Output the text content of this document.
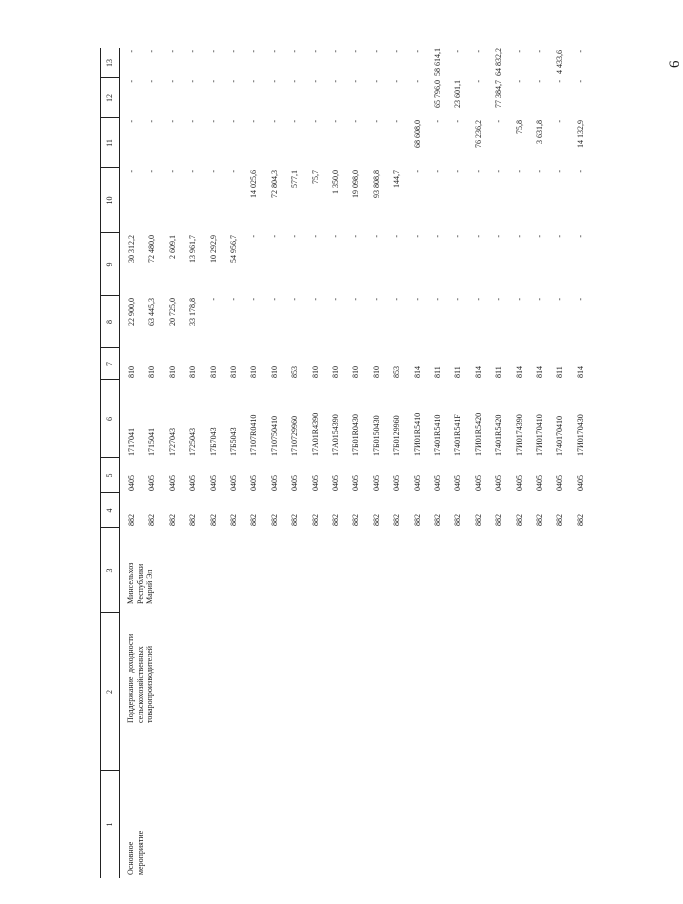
6
1
2
3
4
5
6
7
8
9
10
11
12
13
Основное мероприятие
Поддержание сельскохозяйственных товаропроизводителей
доходности
Минсельхоз Республики Марий Эл
882
0405
1717041
810
22 900,0
30 312,2
-
-
-
-
882
0405
1715041
810
63 445,3
72 480,0
-
-
-
-
882
0405
1727043
810
20 725,0
2 609,1
-
-
-
-
882
0405
1725043
810
33 178,8
13 961,7
-
-
-
-
882
0405
17Б7043
810
-
10 292,9
-
-
-
-
882
0405
17Б5043
810
-
54 956,7
-
-
-
-
882
0405
17107R0410
810
-
-
14 025,6
-
-
-
882
0405
1710750410
810
-
-
72 804,3
-
-
-
882
0405
1710729960
853
-
-
577,1
-
-
-
882
0405
17А01R4390
810
-
-
75,7
-
-
-
882
0405
17А0154390
810
-
-
1 350,0
-
-
-
882
0405
17Б01R0430
810
-
-
19 098,0
-
-
-
882
0405
17Б0150430
810
-
-
93 808,8
-
-
-
882
0405
17Б0129960
853
-
-
144,7
-
-
-
882
0405
17И01R5410
814
-
-
-
68 608,0
-
-
882
0405
17401R5410
811
-
-
-
-
65 796,0
58 614,1
882
0405
17401R541F
811
-
-
-
-
23 601,1
-
882
0405
17И01R5420
814
-
-
-
76 236,2
-
-
882
0405
17401R5420
811
-
-
-
-
77 384,7
64 832,2
882
0405
17И0174390
814
-
-
-
75,8
-
-
882
0405
17И0170410
814
-
-
-
3 631,8
-
-
882
0405
1740170410
811
-
-
-
-
-
4 433,6
882
0405
17И0170430
814
-
-
-
14 132,9
-
-
